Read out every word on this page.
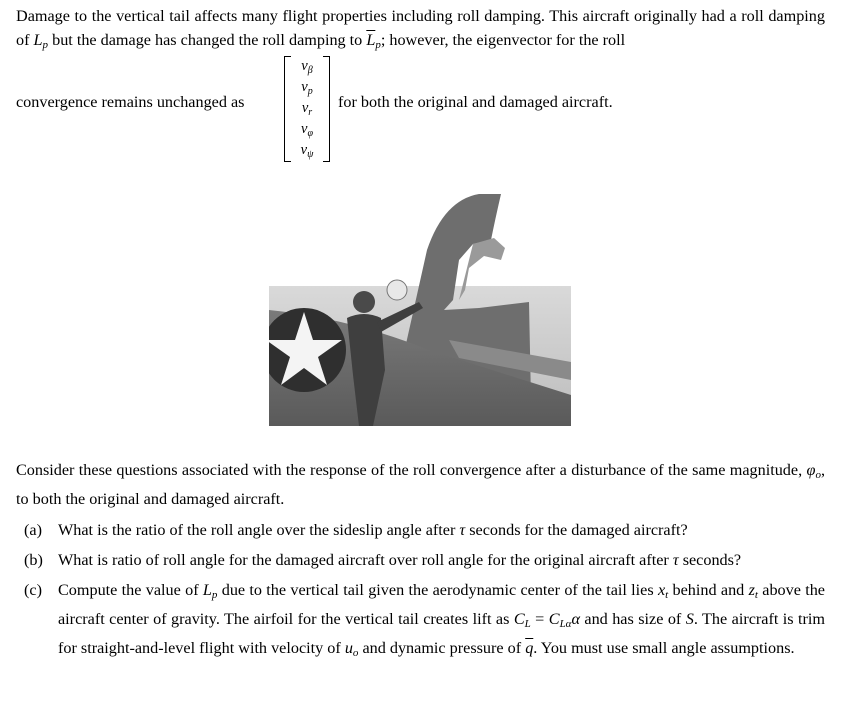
Damage to the vertical tail affects many flight properties including roll damping. This aircraft originally had a roll damping of $L_p$ but the damage has changed the roll damping to $\overline{L}_p$; however, the eigenvector for the roll
convergence remains unchanged as
$v_\beta$
$v_p$
$v_r$
$v_\varphi$
$v_\psi$
for both the original and damaged aircraft.
Consider these questions associated with the response of the roll convergence after a disturbance of the same magnitude, $\varphi_o$, to both the original and damaged aircraft.
(a) What is the ratio of the roll angle over the sideslip angle after τ seconds for the damaged aircraft?
(b) What is ratio of roll angle for the damaged aircraft over roll angle for the original aircraft after τ seconds?
(c) Compute the value of $L_p$ due to the vertical tail given the aerodynamic center of the tail lies $x_t$ behind and $z_t$ above the aircraft center of gravity. The airfoil for the vertical tail creates lift as $C_L = C_{L\alpha}\alpha$ and has size of S. The aircraft is trim for straight-and-level flight with velocity of $u_o$ and dynamic pressure of $\overline{q}$. You must use small angle assumptions.
